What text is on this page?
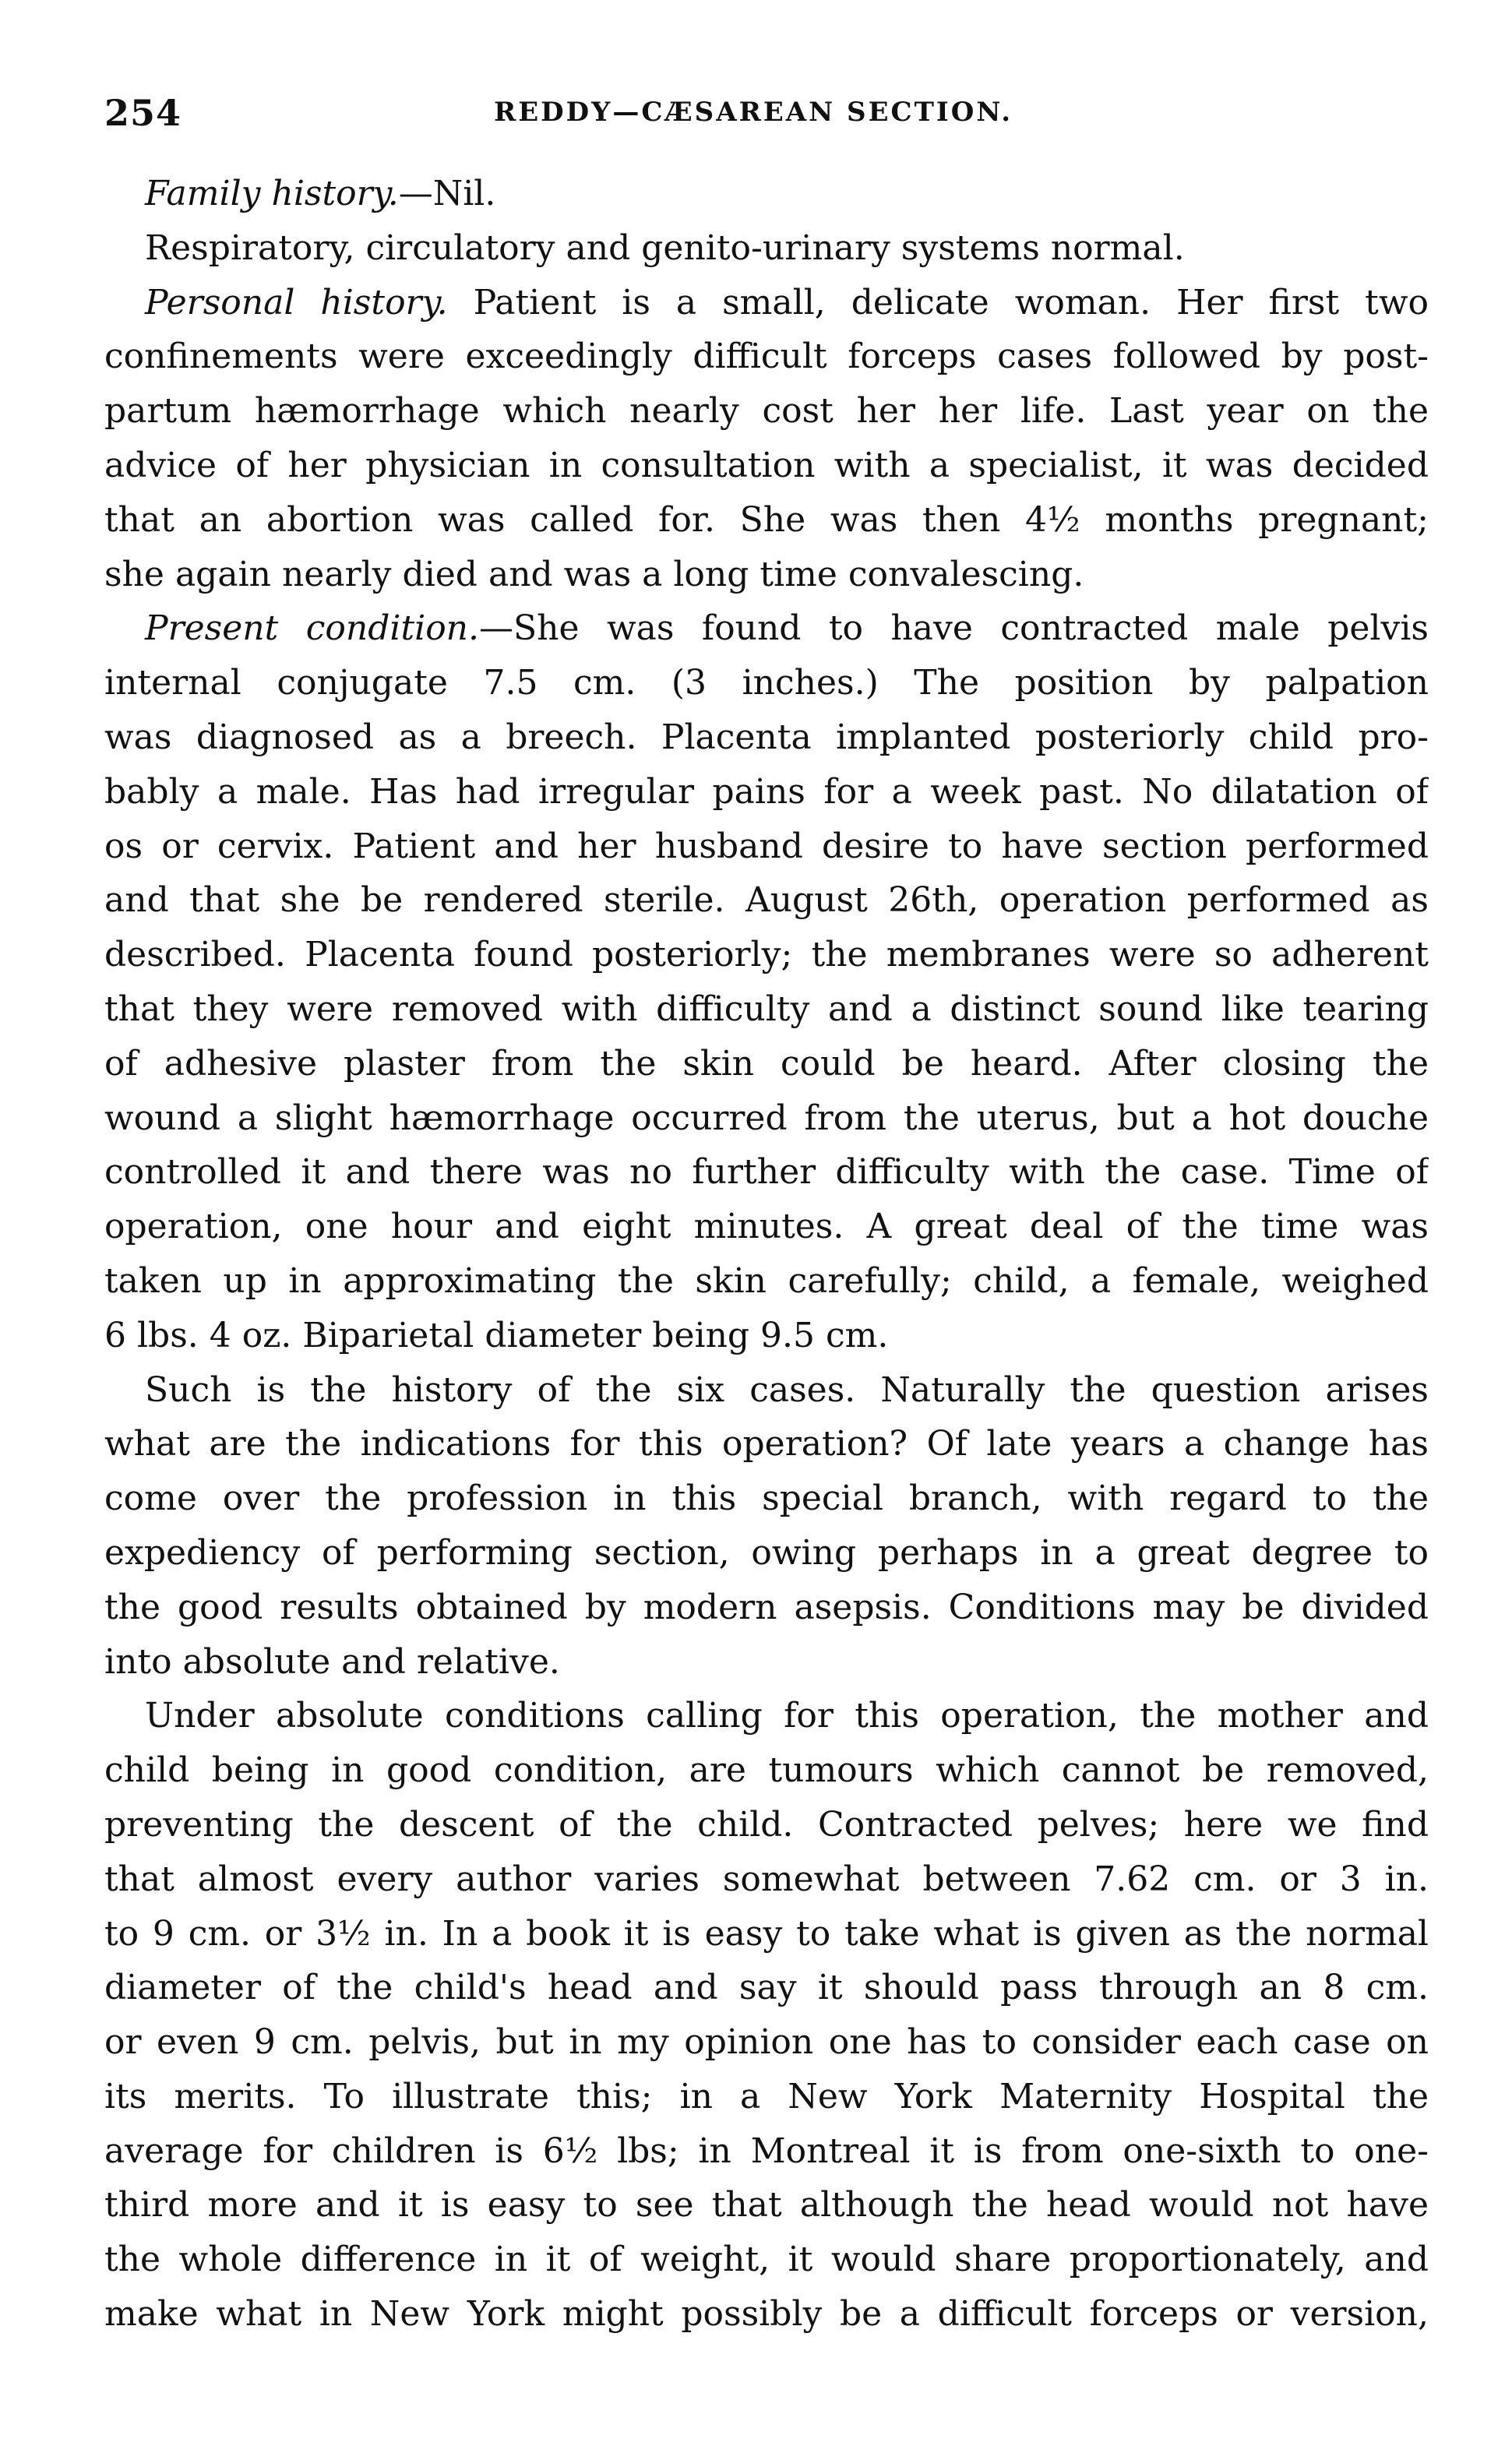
254	REDDY—CÆSAREAN SECTION.
Family history.—Nil.
Respiratory, circulatory and genito-urinary systems normal.
Personal history. Patient is a small, delicate woman. Her first two
confinements were exceedingly difficult forceps cases followed by post-
partum hæmorrhage which nearly cost her her life. Last year on the
advice of her physician in consultation with a specialist, it was decided
that an abortion was called for. She was then 4½ months pregnant;
she again nearly died and was a long time convalescing.
Present condition.—She was found to have contracted male pelvis
internal conjugate 7.5 cm. (3 inches.) The position by palpation
was diagnosed as a breech. Placenta implanted posteriorly child pro-
bably a male. Has had irregular pains for a week past. No dilatation of
os or cervix. Patient and her husband desire to have section performed
and that she be rendered sterile. August 26th, operation performed as
described. Placenta found posteriorly; the membranes were so adherent
that they were removed with difficulty and a distinct sound like tearing
of adhesive plaster from the skin could be heard. After closing the
wound a slight hæmorrhage occurred from the uterus, but a hot douche
controlled it and there was no further difficulty with the case. Time of
operation, one hour and eight minutes. A great deal of the time was
taken up in approximating the skin carefully; child, a female, weighed
6 lbs. 4 oz. Biparietal diameter being 9.5 cm.
Such is the history of the six cases. Naturally the question arises
what are the indications for this operation? Of late years a change has
come over the profession in this special branch, with regard to the
expediency of performing section, owing perhaps in a great degree to
the good results obtained by modern asepsis. Conditions may be divided
into absolute and relative.
Under absolute conditions calling for this operation, the mother and
child being in good condition, are tumours which cannot be removed,
preventing the descent of the child. Contracted pelves; here we find
that almost every author varies somewhat between 7.62 cm. or 3 in.
to 9 cm. or 3½ in. In a book it is easy to take what is given as the normal
diameter of the child's head and say it should pass through an 8 cm.
or even 9 cm. pelvis, but in my opinion one has to consider each case on
its merits. To illustrate this; in a New York Maternity Hospital the
average for children is 6½ lbs; in Montreal it is from one-sixth to one-
third more and it is easy to see that although the head would not have
the whole difference in it of weight, it would share proportionately, and
make what in New York might possibly be a difficult forceps or version,
